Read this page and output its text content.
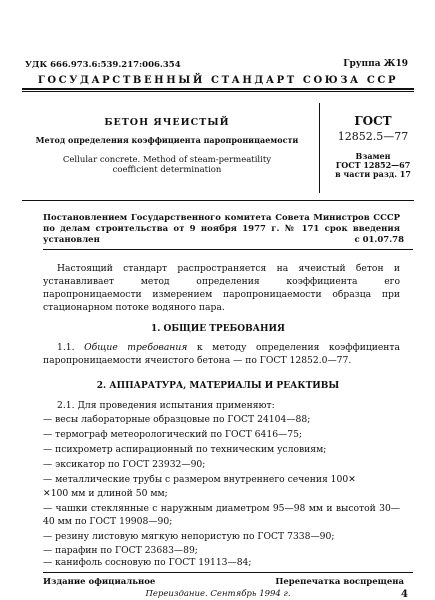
УДК 666.973.6:539.217:006.354	Группа Ж19
ГОСУДАРСТВЕННЫЙ СТАНДАРТ СОЮЗА ССР
БЕТОН ЯЧЕИСТЫЙ
Метод определения коэффициента паропроницаемости
Cellular concrete. Method of steam-permeatility
coefficient determination
ГОСТ
12852.5—77
Взамен
ГОСТ 12852—67
в части разд. 17
Постановлением Государственного комитета Совета Министров СССР по делам строительства от 9 ноября 1977 г. № 171 срок введения установлен	с 01.07.78
Настоящий стандарт распространяется на ячеистый бетон и устанавливает метод определения коэффициента его паропроницаемости измерением паропроницаемости образца при стационарном потоке водяного пара.
1. ОБЩИЕ ТРЕБОВАНИЯ
1.1. Общие требования к методу определения коэффициента паропроницаемости ячеистого бетона — по ГОСТ 12852.0—77.
2. АППАРАТУРА, МАТЕРИАЛЫ И РЕАКТИВЫ
2.1. Для проведения испытания применяют:
— весы лабораторные образцовые по ГОСТ 24104—88;
— термограф метеорологический по ГОСТ 6416—75;
— психрометр аспирационный по техническим условиям;
— эксикатор по ГОСТ 23932—90;
— металлические трубы с размером внутреннего сечения 100✕
✕100 мм и длиной 50 мм;
— чашки стеклянные с наружным диаметром 95—98 мм и высотой 30—40 мм по ГОСТ 19908—90;
— резину листовую мягкую непористую по ГОСТ 7338—90;
— парафин по ГОСТ 23683—89;
— канифоль сосновую по ГОСТ 19113—84;
Издание официальное	Перепечатка воспрещена
Переиздание. Сентябрь 1994 г.	4
